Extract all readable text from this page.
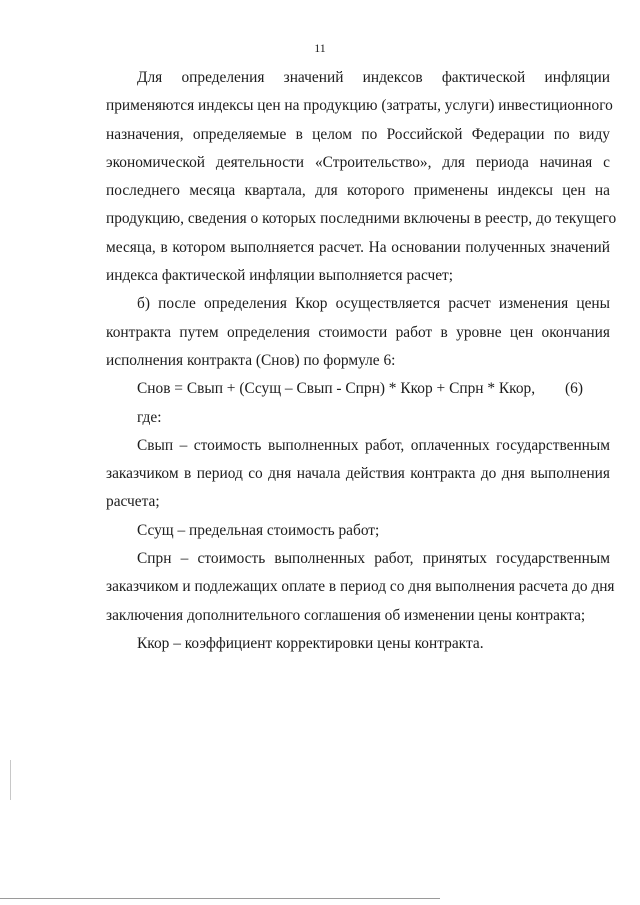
11
Для определения значений индексов фактической инфляции
применяются индексы цен на продукцию (затраты, услуги) инвестиционного
назначения, определяемые в целом по Российской Федерации по виду
экономической деятельности «Строительство», для периода начиная с
последнего месяца квартала, для которого применены индексы цен на
продукцию, сведения о которых последними включены в реестр, до текущего
месяца, в котором выполняется расчет. На основании полученных значений
индекса фактической инфляции выполняется расчет;
б) после определения Ккор осуществляется расчет изменения цены
контракта путем определения стоимости работ в уровне цен окончания
исполнения контракта (Снов) по формуле 6:
Снов = Свып + (Ссущ – Свып - Спрн) * Ккор + Спрн * Ккор, (6)
где:
Свып – стоимость выполненных работ, оплаченных государственным
заказчиком в период со дня начала действия контракта до дня выполнения
расчета;
Ссущ – предельная стоимость работ;
Спрн – стоимость выполненных работ, принятых государственным
заказчиком и подлежащих оплате в период со дня выполнения расчета до дня
заключения дополнительного соглашения об изменении цены контракта;
Ккор – коэффициент корректировки цены контракта.
